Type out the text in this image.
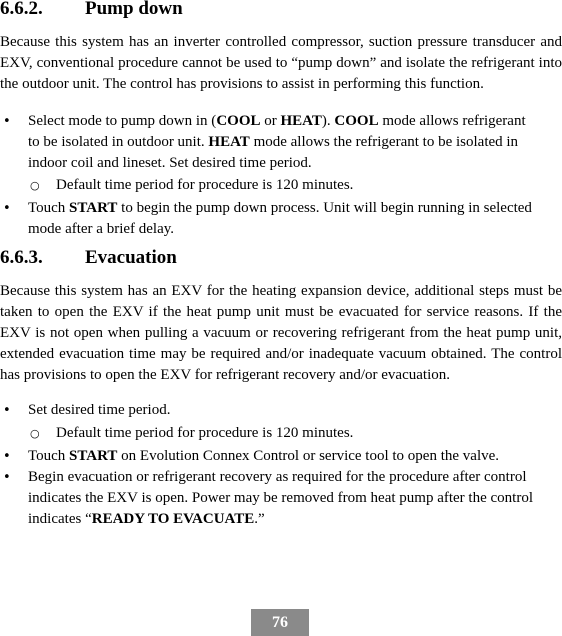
6.6.2. Pump down

Because this system has an inverter controlled compressor, suction pressure transducer and EXV, conventional procedure cannot be used to “pump down” and isolate the refrigerant into the outdoor unit. The control has provisions to assist in performing this function.

• Select mode to pump down in (COOL or HEAT). COOL mode allows refrigerant to be isolated in outdoor unit. HEAT mode allows the refrigerant to be isolated in indoor coil and lineset. Set desired time period.
○ Default time period for procedure is 120 minutes.
• Touch START to begin the pump down process. Unit will begin running in selected mode after a brief delay.
6.6.3. Evacuation

Because this system has an EXV for the heating expansion device, additional steps must be taken to open the EXV if the heat pump unit must be evacuated for service reasons. If the EXV is not open when pulling a vacuum or recovering refrigerant from the heat pump unit, extended evacuation time may be required and/or inadequate vacuum obtained. The control has provisions to open the EXV for refrigerant recovery and/or evacuation.

• Set desired time period.
○ Default time period for procedure is 120 minutes.
• Touch START on Evolution Connex Control or service tool to open the valve.
• Begin evacuation or refrigerant recovery as required for the procedure after control indicates the EXV is open. Power may be removed from heat pump after the control indicates “READY TO EVACUATE.”
76
